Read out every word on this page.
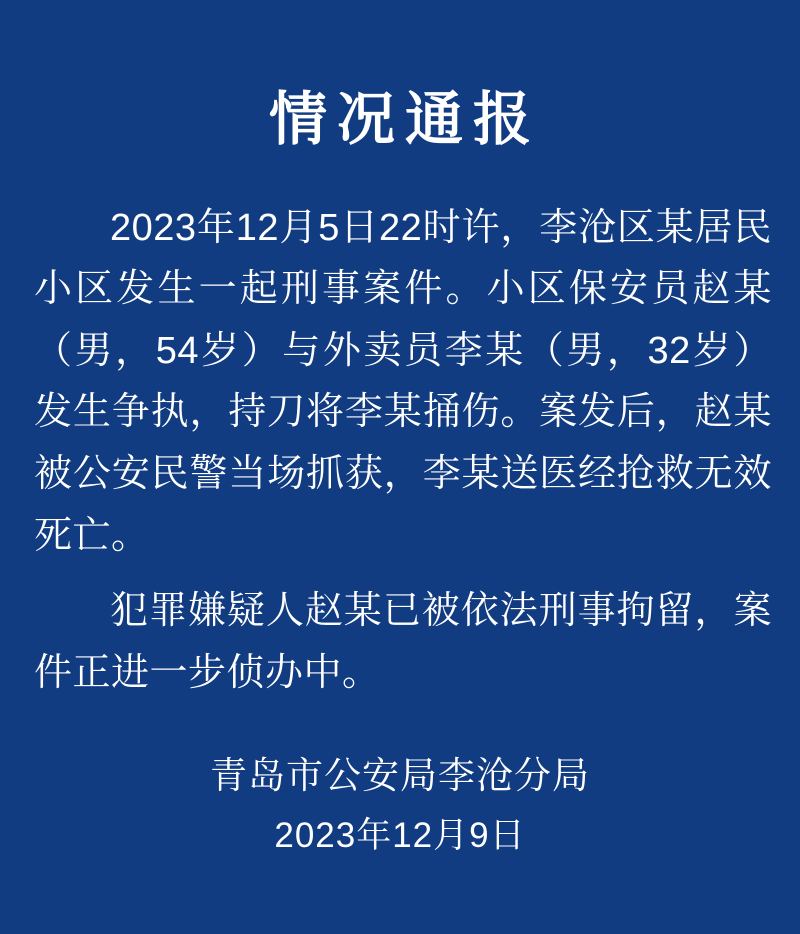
情况通报

2023年12月5日22时许，李沧区某居民小区发生一起刑事案件。小区保安员赵某（男，54岁）与外卖员李某（男，32岁）发生争执，持刀将李某捅伤。案发后，赵某被公安民警当场抓获，李某送医经抢救无效死亡。

犯罪嫌疑人赵某已被依法刑事拘留，案件正进一步侦办中。

青岛市公安局李沧分局
2023年12月9日
